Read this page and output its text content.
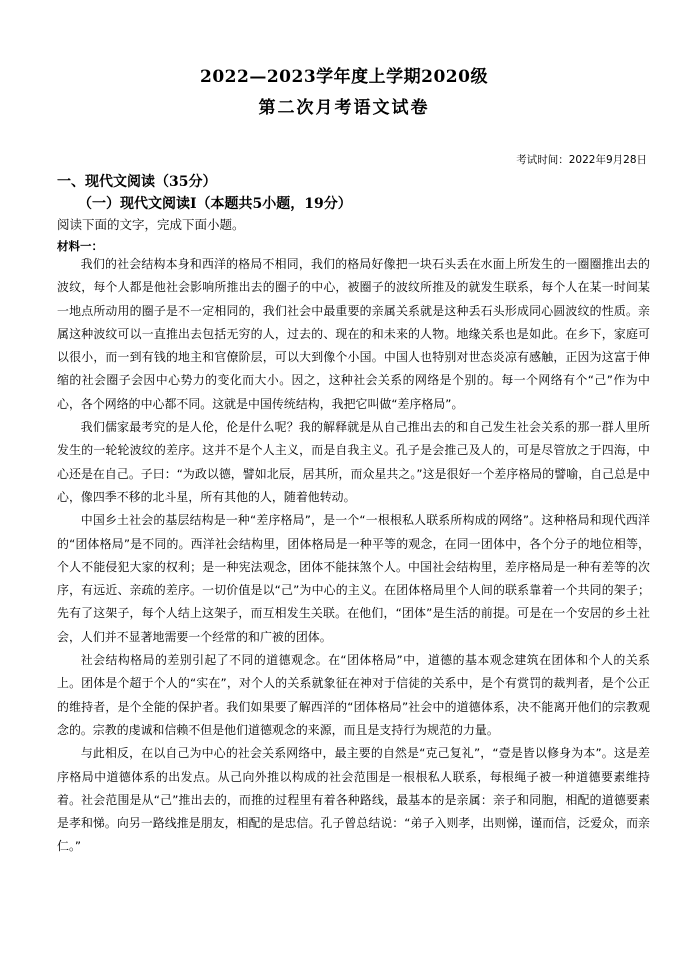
2022—2023学年度上学期2020级
第二次月考语文试卷
考试时间：2022年9月28日
一、现代文阅读（35分）
（一）现代文阅读Ⅰ（本题共5小题，19分）
阅读下面的文字，完成下面小题。
材料一：

我们的社会结构本身和西洋的格局不相同，我们的格局好像把一块石头丢在水面上所发生的一圈圈推出去的波纹，每个人都是他社会影响所推出去的圈子的中心，被圈子的波纹所推及的就发生联系，每个人在某一时间某一地点所动用的圈子是不一定相同的，我们社会中最重要的亲属关系就是这种丢石头形成同心圆波纹的性质。亲属这种波纹可以一直推出去包括无穷的人，过去的、现在的和未来的人物。地缘关系也是如此。在乡下，家庭可以很小，而一到有钱的地主和官僚阶层，可以大到像个小国。中国人也特别对世态炎凉有感触，正因为这富于伸缩的社会圈子会因中心势力的变化而大小。因之，这种社会关系的网络是个别的。每一个网络有个“己”作为中心，各个网络的中心都不同。这就是中国传统结构，我把它叫做“差序格局”。

我们儒家最考究的是人伦，伦是什么呢？我的解释就是从自己推出去的和自己发生社会关系的那一群人里所发生的一轮轮波纹的差序。这并不是个人主义，而是自我主义。孔子是会推己及人的，可是尽管放之于四海，中心还是在自己。子曰：“为政以德，譬如北辰，居其所，而众星共之。”这是很好一个差序格局的譬喻，自己总是中心，像四季不移的北斗星，所有其他的人，随着他转动。

中国乡土社会的基层结构是一种“差序格局”，是一个“一根根私人联系所构成的网络”。这种格局和现代西洋的“团体格局”是不同的。西洋社会结构里，团体格局是一种平等的观念，在同一团体中，各个分子的地位相等，个人不能侵犯大家的权利；是一种宪法观念，团体不能抹煞个人。中国社会结构里，差序格局是一种有差等的次序，有远近、亲疏的差序。一切价值是以“己”为中心的主义。在团体格局里个人间的联系靠着一个共同的架子；先有了这架子，每个人结上这架子，而互相发生关联。在他们，“团体”是生活的前提。可是在一个安居的乡土社会，人们并不显著地需要一个经常的和广被的团体。

社会结构格局的差别引起了不同的道德观念。在“团体格局”中，道德的基本观念建筑在团体和个人的关系上。团体是个超于个人的“实在”，对个人的关系就象征在神对于信徒的关系中，是个有赏罚的裁判者，是个公正的维持者，是个全能的保护者。我们如果要了解西洋的“团体格局”社会中的道德体系，决不能离开他们的宗教观念的。宗教的虔诚和信赖不但是他们道德观念的来源，而且是支持行为规范的力量。

与此相反，在以自己为中心的社会关系网络中，最主要的自然是“克己复礼”，“壹是皆以修身为本”。这是差序格局中道德体系的出发点。从己向外推以构成的社会范围是一根根私人联系，每根绳子被一种道德要素维持着。社会范围是从“己”推出去的，而推的过程里有着各种路线，最基本的是亲属：亲子和同胞，相配的道德要素是孝和悌。向另一路线推是朋友，相配的是忠信。孔子曾总结说：“弟子入则孝，出则悌，谨而信，泛爱众，而亲仁。”
